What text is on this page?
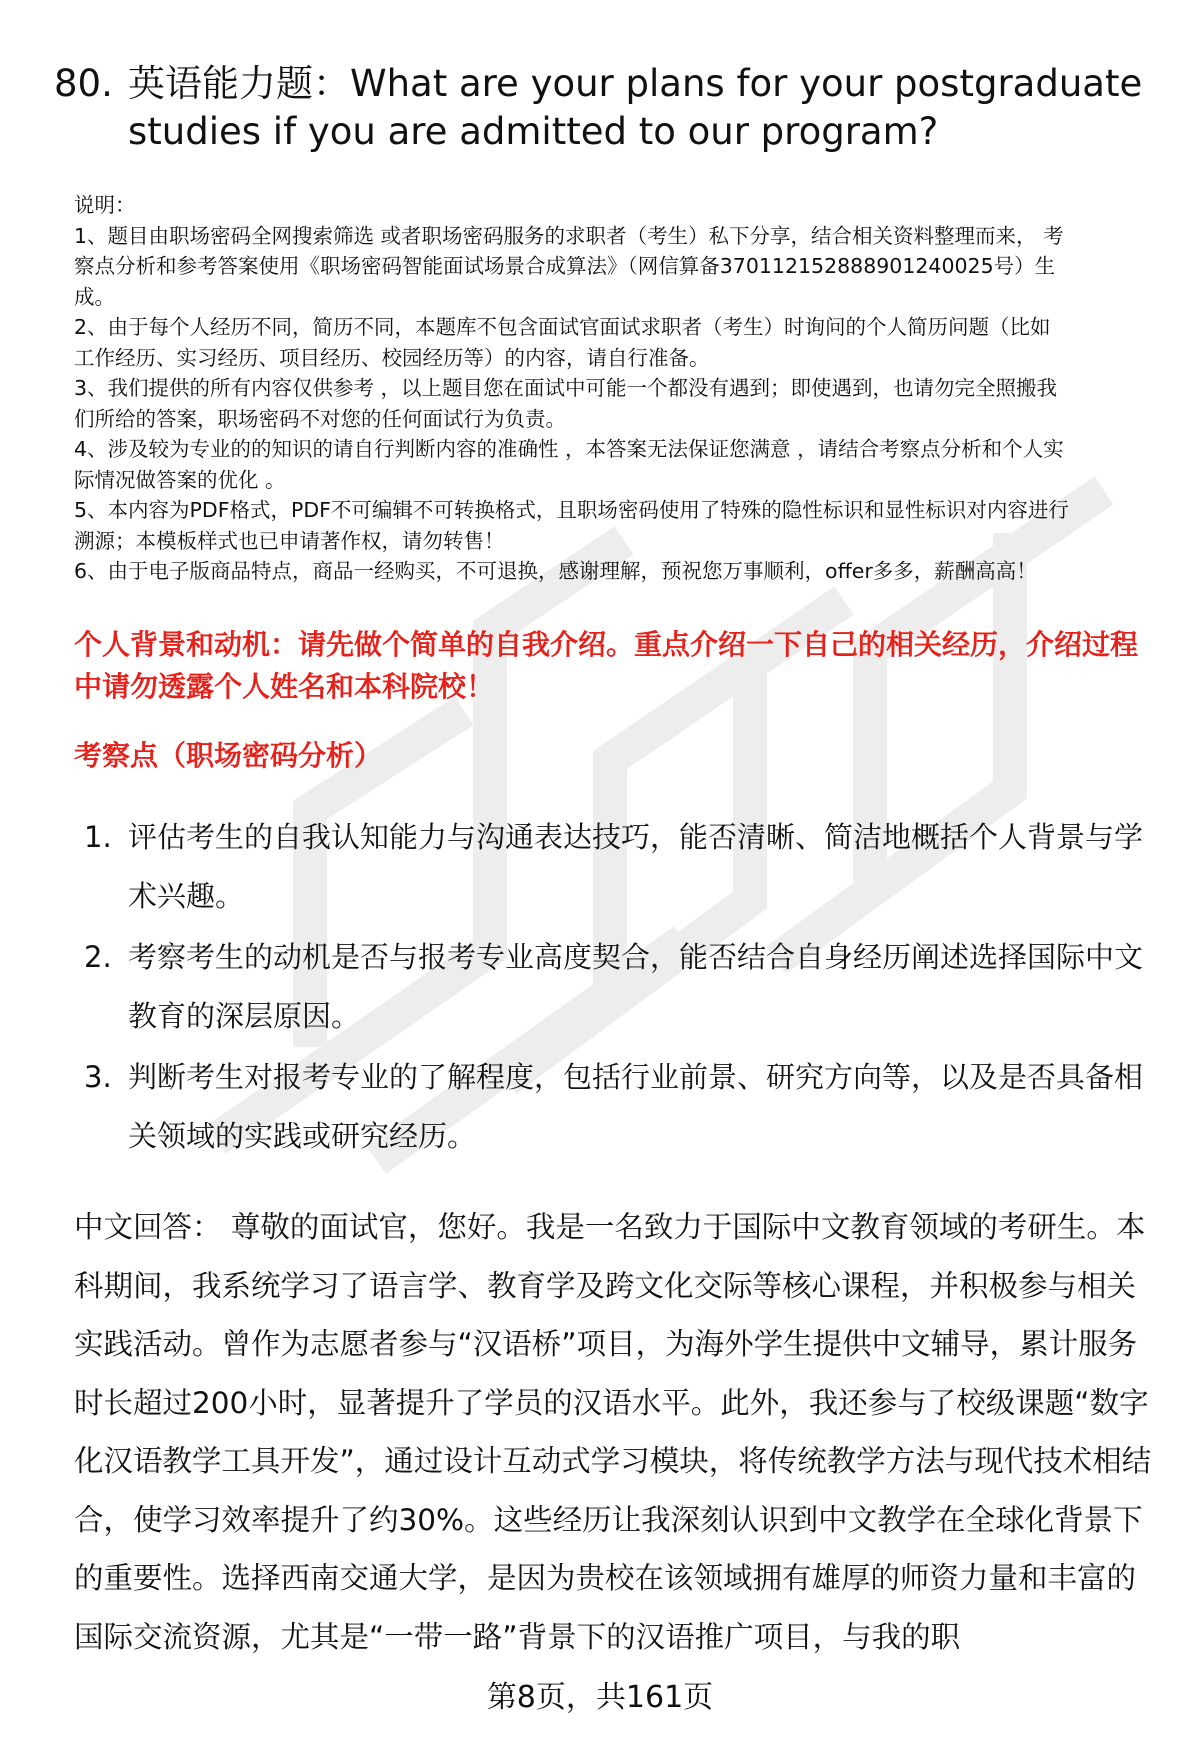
80. 英语能力题：What are your plans for your postgraduate studies if you are admitted to our program?

说明：

1、题目由职场密码全网搜索筛选 或者职场密码服务的求职者（考生）私下分享，结合相关资料整理而来， 考

察点分析和参考答案使用《职场密码智能面试场景合成算法》（网信算备370112152888901240025号）生

成。

2、由于每个人经历不同，简历不同，本题库不包含面试官面试求职者（考生）时询问的个人简历问题（比如

工作经历、实习经历、项目经历、校园经历等）的内容，请自行准备。

3、我们提供的所有内容仅供参考 ，以上题目您在面试中可能一个都没有遇到；即使遇到，也请勿完全照搬我

们所给的答案，职场密码不对您的任何面试行为负责。

4、涉及较为专业的的知识的请自行判断内容的准确性 ，本答案无法保证您满意 ，请结合考察点分析和个人实

际情况做答案的优化 。

5、本内容为PDF格式，PDF不可编辑不可转换格式，且职场密码使用了特殊的隐性标识和显性标识对内容进行

溯源；本模板样式也已申请著作权，请勿转售！

6、由于电子版商品特点，商品一经购买，不可退换，感谢理解，预祝您万事顺利，offer多多，薪酬高高！

个人背景和动机：请先做个简单的自我介绍。重点介绍一下自己的相关经历，介绍过程中请勿透露个人姓名和本科院校！
考察点（职场密码分析）
1. 评估考生的自我认知能力与沟通表达技巧，能否清晰、简洁地概括个人背景与学术兴趣。
2. 考察考生的动机是否与报考专业高度契合，能否结合自身经历阐述选择国际中文教育的深层原因。
3. 判断考生对报考专业的了解程度，包括行业前景、研究方向等，以及是否具备相关领域的实践或研究经历。
中文回答： 尊敬的面试官，您好。我是一名致力于国际中文教育领域的考研生。本科期间，我系统学习了语言学、教育学及跨文化交际等核心课程，并积极参与相关实践活动。曾作为志愿者参与“汉语桥”项目，为海外学生提供中文辅导，累计服务时长超过200小时，显著提升了学员的汉语水平。此外，我还参与了校级课题“数字化汉语教学工具开发”，通过设计互动式学习模块，将传统教学方法与现代技术相结合，使学习效率提升了约30%。这些经历让我深刻认识到中文教学在全球化背景下的重要性。选择西南交通大学，是因为贵校在该领域拥有雄厚的师资力量和丰富的国际交流资源，尤其是“一带一路”背景下的汉语推广项目，与我的职
第8页，共161页
